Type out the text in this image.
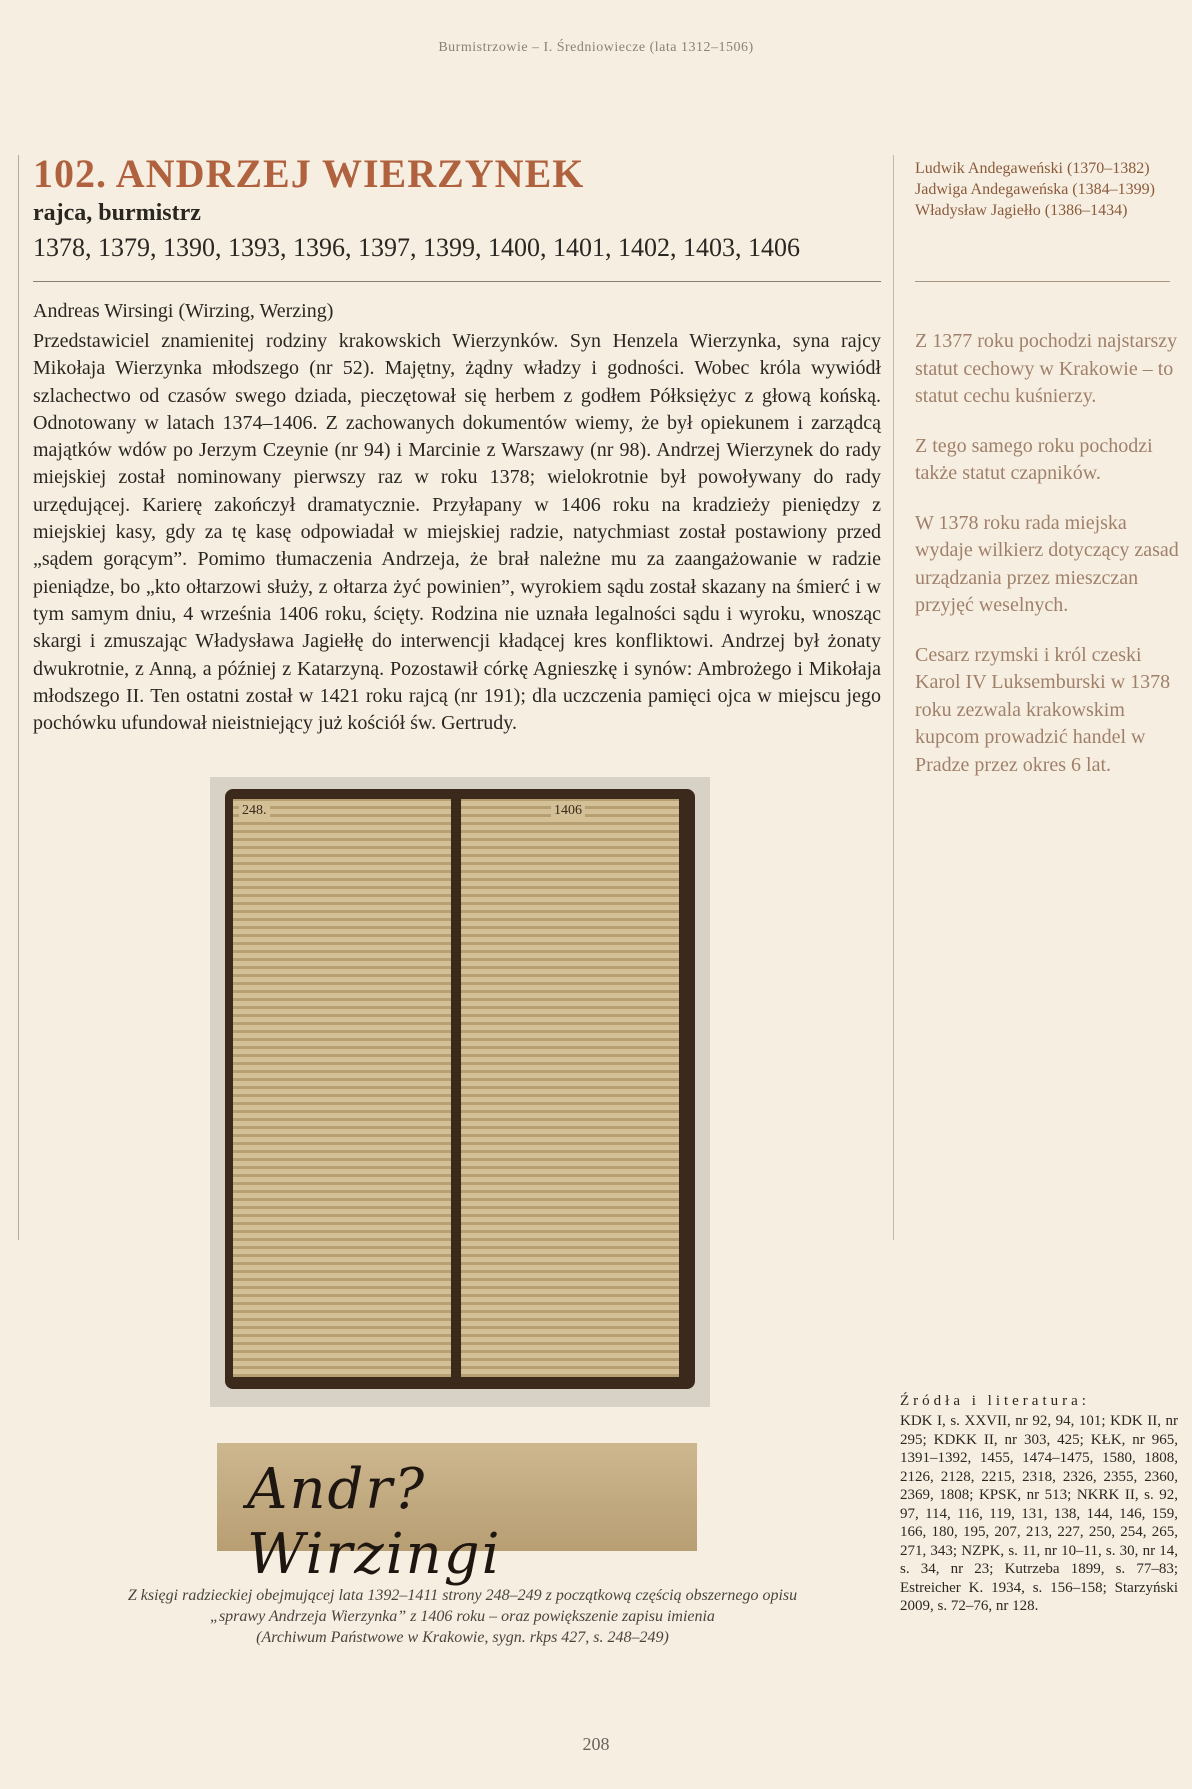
Burmistrzowie – I. Średniowiecze (lata 1312–1506)
102. ANDRZEJ WIERZYNEK
rajca, burmistrz
1378, 1379, 1390, 1393, 1396, 1397, 1399, 1400, 1401, 1402, 1403, 1406
Ludwik Andegaweński (1370–1382)
Jadwiga Andegaweńska (1384–1399)
Władysław Jagiełło (1386–1434)
Andreas Wirsingi (Wirzing, Werzing)

Przedstawiciel znamienitej rodziny krakowskich Wierzynków. Syn Henzela Wierzynka, syna rajcy Mikołaja Wierzynka młodszego (nr 52). Majętny, żądny władzy i godności. Wobec króla wywiódł szlachectwo od czasów swego dziada, pieczętował się herbem z godłem Półksiężyc z głową końską. Odnotowany w latach 1374–1406. Z zachowanych dokumentów wiemy, że był opiekunem i zarządcą majątków wdów po Jerzym Czeynie (nr 94) i Marcinie z Warszawy (nr 98). Andrzej Wierzynek do rady miejskiej został nominowany pierwszy raz w roku 1378; wielokrotnie był powoływany do rady urzędującej. Karierę zakończył dramatycznie. Przyłapany w 1406 roku na kradzieży pieniędzy z miejskiej kasy, gdy za tę kasę odpowiadał w miejskiej radzie, natychmiast został postawiony przed „sądem gorącym”. Pomimo tłumaczenia Andrzeja, że brał należne mu za zaangażowanie w radzie pieniądze, bo „kto ołtarzowi służy, z ołtarza żyć powinien”, wyrokiem sądu został skazany na śmierć i w tym samym dniu, 4 września 1406 roku, ścięty. Rodzina nie uznała legalności sądu i wyroku, wnosząc skargi i zmuszając Władysława Jagiełłę do interwencji kładącej kres konfliktowi. Andrzej był żonaty dwukrotnie, z Anną, a później z Katarzyną. Pozostawił córkę Agnieszkę i synów: Ambrożego i Mikołaja młodszego II. Ten ostatni został w 1421 roku rajcą (nr 191); dla uczczenia pamięci ojca w miejscu jego pochówku ufundował nieistniejący już kościół św. Gertrudy.

Z 1377 roku pochodzi najstarszy statut cechowy w Krakowie – to statut cechu kuśnierzy.

Z tego samego roku pochodzi także statut czapników.

W 1378 roku rada miejska wydaje wilkierz dotyczący zasad urządzania przez mieszczan przyjęć weselnych.

Cesarz rzymski i król czeski Karol IV Luksemburski w 1378 roku zezwala krakowskim kupcom prowadzić handel w Pradze przez okres 6 lat.

248.	1406
Andr? Wirzingi
Z księgi radzieckiej obejmującej lata 1392–1411 strony 248–249 z początkową częścią obszernego opisu
„sprawy Andrzeja Wierzynka” z 1406 roku – oraz powiększenie zapisu imienia
(Archiwum Państwowe w Krakowie, sygn. rkps 427, s. 248–249)
Źródła i literatura:
KDK I, s. XXVII, nr 92, 94, 101; KDK II, nr 295; KDKK II, nr 303, 425; KŁK, nr 965, 1391–1392, 1455, 1474–1475, 1580, 1808, 2126, 2128, 2215, 2318, 2326, 2355, 2360, 2369, 1808; KPSK, nr 513; NKRK II, s. 92, 97, 114, 116, 119, 131, 138, 144, 146, 159, 166, 180, 195, 207, 213, 227, 250, 254, 265, 271, 343; NZPK, s. 11, nr 10–11, s. 30, nr 14, s. 34, nr 23; Kutrzeba 1899, s. 77–83; Estreicher K. 1934, s. 156–158; Starzyński 2009, s. 72–76, nr 128.
208
